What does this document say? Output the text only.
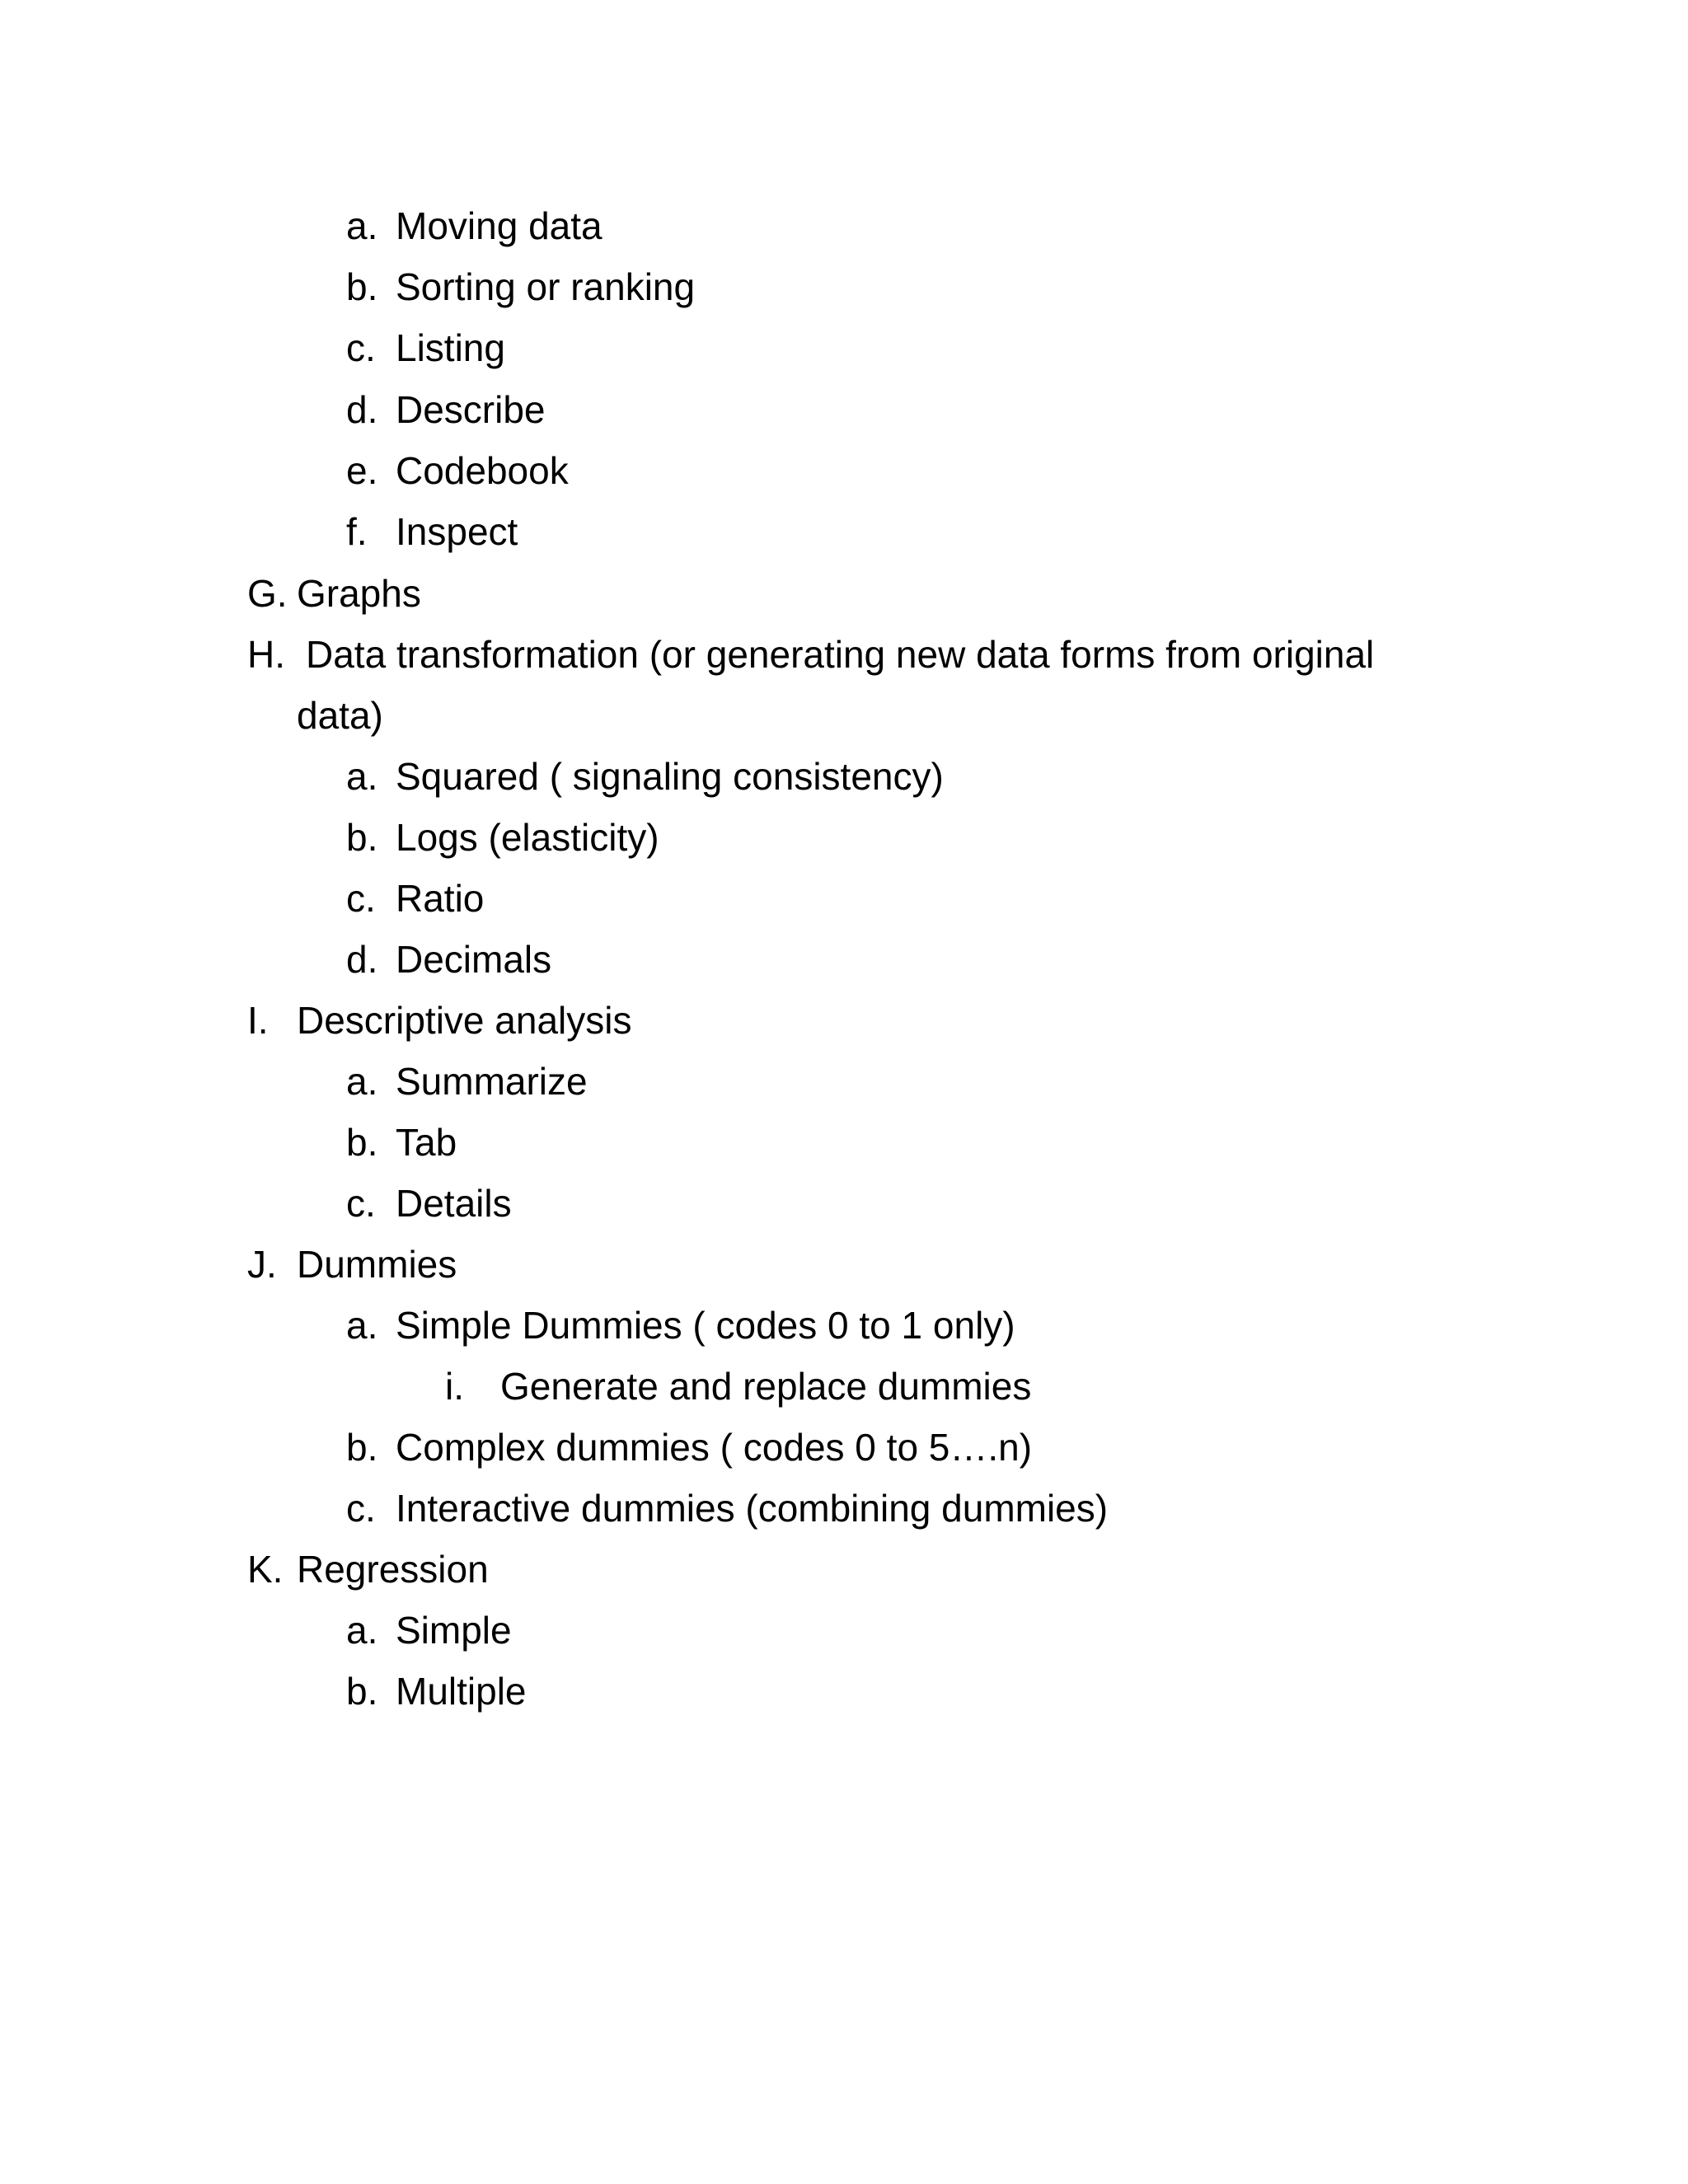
a. Moving data
b. Sorting or ranking
c. Listing
d. Describe
e. Codebook
f. Inspect
G. Graphs
H. Data transformation (or generating new data forms from original
data)
a. Squared ( signaling consistency)
b. Logs (elasticity)
c. Ratio
d. Decimals
I. Descriptive analysis
a. Summarize
b. Tab
c. Details
J. Dummies
a. Simple Dummies ( codes 0 to 1 only)
i. Generate and replace dummies
b. Complex dummies ( codes 0 to 5….n)
c. Interactive dummies (combining dummies)
K. Regression
a. Simple
b. Multiple
